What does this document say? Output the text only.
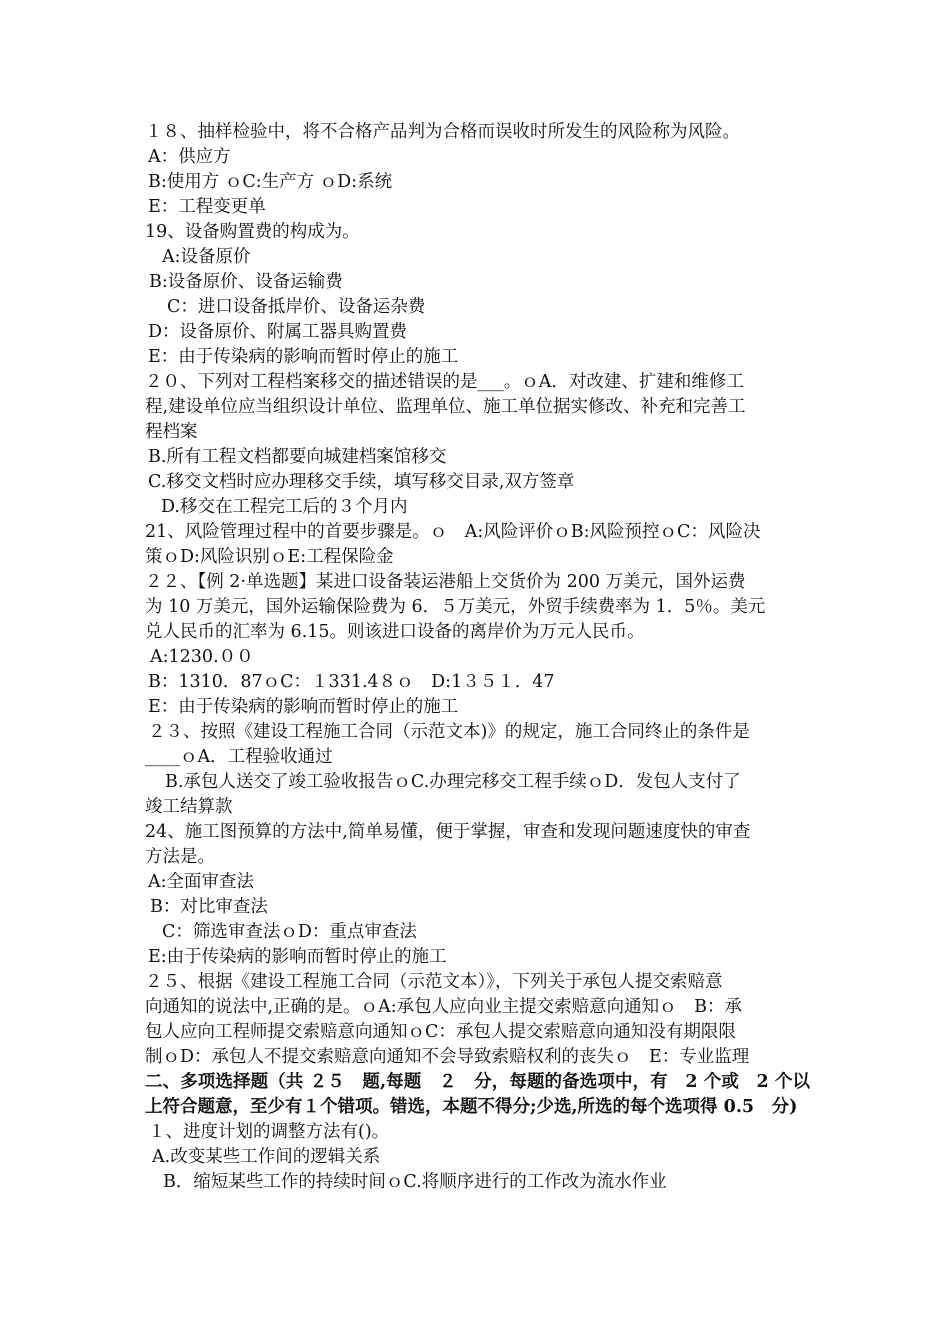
１８、抽样检验中，将不合格产品判为合格而误收时所发生的风险称为风险。
A：供应方
B:使用方 ｏC:生产方 ｏD:系统
E：工程变更单
19、设备购置费的构成为。
A:设备原价
B:设备原价、设备运输费
C：进口设备抵岸价、设备运杂费
D：设备原价、附属工器具购置费
E：由于传染病的影响而暂时停止的施工
２０、下列对工程档案移交的描述错误的是___。ｏA．对改建、扩建和维修工
程,建设单位应当组织设计单位、监理单位、施工单位据实修改、补充和完善工
程档案
B.所有工程文档都要向城建档案馆移交
C.移交文档时应办理移交手续，填写移交目录,双方签章
D.移交在工程完工后的３个月内
21、风险管理过程中的首要步骤是。ｏ　A:风险评价ｏB:风险预控ｏC：风险决
策ｏD:风险识别ｏE:工程保险金
２２、【例 2·单选题】某进口设备装运港船上交货价为 200 万美元，国外运费
为 10 万美元，国外运输保险费为 6．５万美元，外贸手续费率为 1．5％。美元
兑人民币的汇率为 6.15。则该进口设备的离岸价为万元人民币。
A:1230.００
B：1310．87ｏC：１331.4８ｏ　D:1３５１．47
E：由于传染病的影响而暂时停止的施工
２３、按照《建设工程施工合同（示范文本)》的规定，施工合同终止的条件是
____ｏA．工程验收通过
B.承包人送交了竣工验收报告ｏC.办理完移交工程手续ｏD．发包人支付了
竣工结算款
24、施工图预算的方法中,简单易懂，便于掌握，审查和发现问题速度快的审查
方法是。
A:全面审查法
B：对比审查法
C：筛选审查法ｏD：重点审查法
E:由于传染病的影响而暂时停止的施工
２５、根据《建设工程施工合同（示范文本）》，下列关于承包人提交索赔意
向通知的说法中,正确的是。ｏA:承包人应向业主提交索赔意向通知ｏ　B：承
包人应向工程师提交索赔意向通知ｏC：承包人提交索赔意向通知没有期限限
制ｏD：承包人不提交索赔意向通知不会导致索赔权利的丧失ｏ　E：专业监理
二、多项选择题（共 ２５　题,每题　２　分，每题的备选项中，有　2 个或　2 个以上符合题意，至少有１个错项。错选，本题不得分;少选,所选的每个选项得 0.5　分)
１、进度计划的调整方法有()。
A.改变某些工作间的逻辑关系
B．缩短某些工作的持续时间ｏC.将顺序进行的工作改为流水作业
